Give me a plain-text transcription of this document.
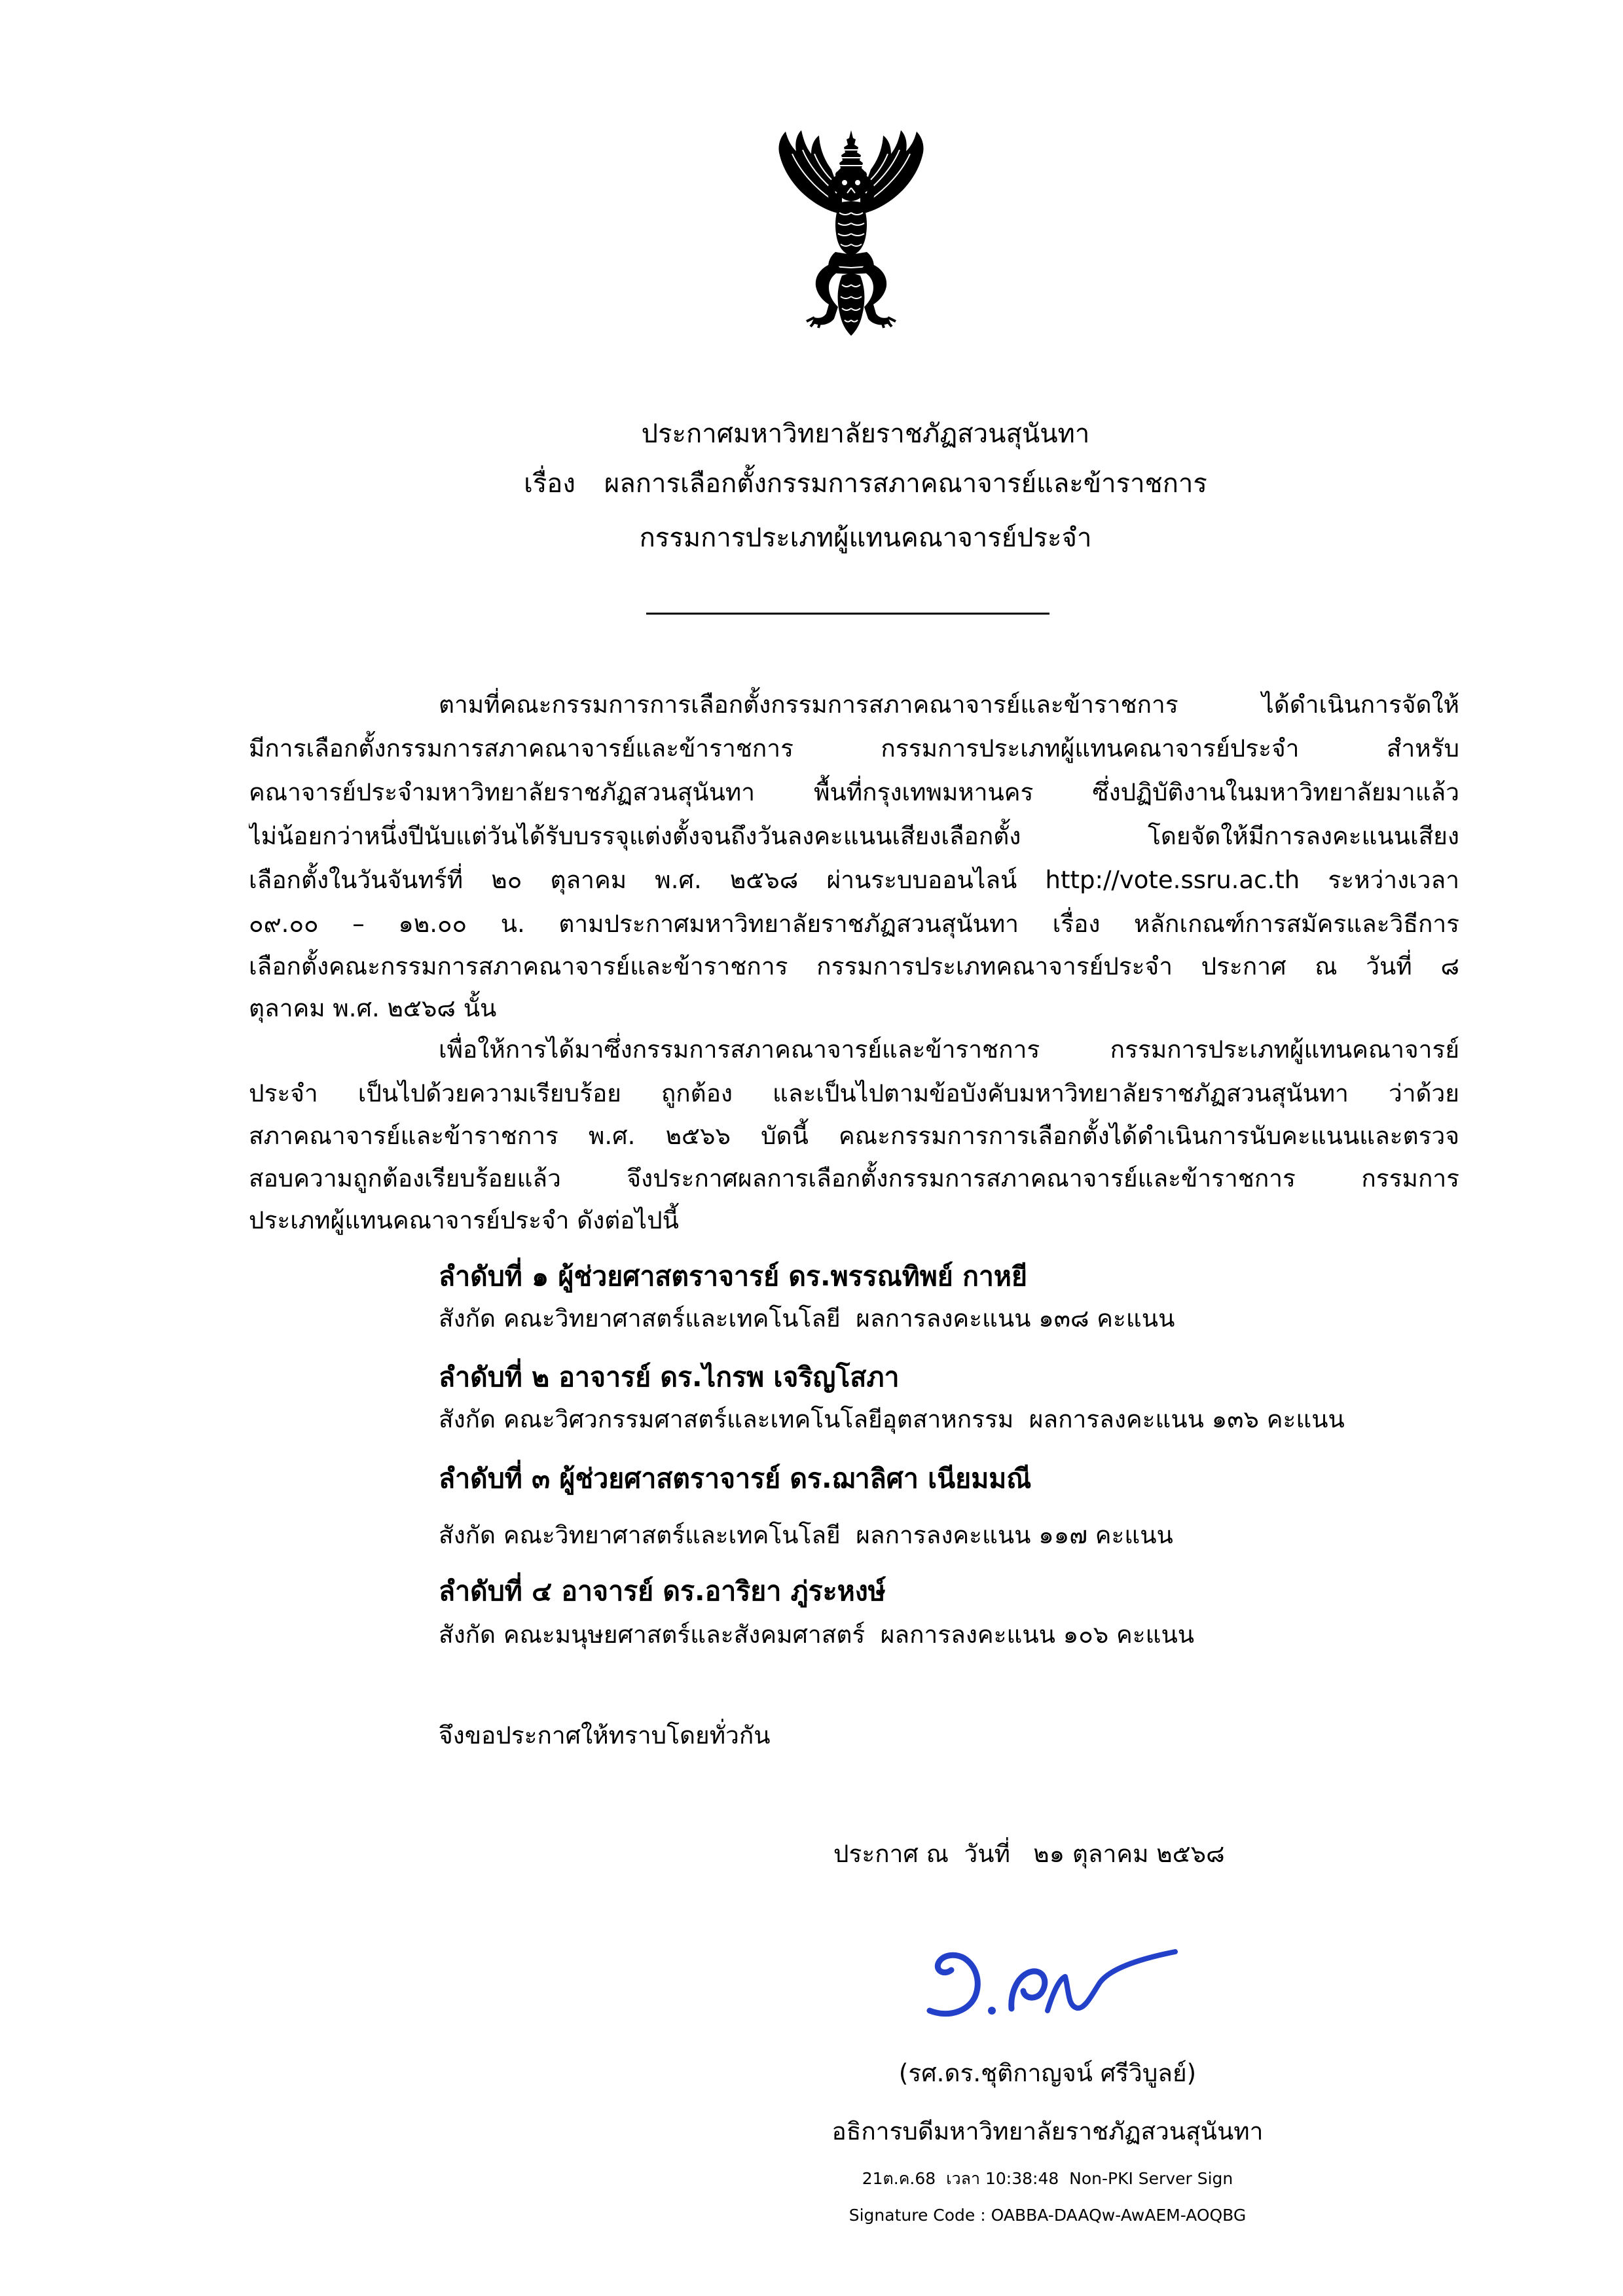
ประกาศมหาวิทยาลัยราชภัฏสวนสุนันทา
เรื่อง ผลการเลือกตั้งกรรมการสภาคณาจารย์และข้าราชการ
กรรมการประเภทผู้แทนคณาจารย์ประจำ
ตามที่คณะกรรมการการเลือกตั้งกรรมการสภาคณาจารย์และข้าราชการ ได้ดำเนินการจัดให้
มีการเลือกตั้งกรรมการสภาคณาจารย์และข้าราชการ กรรมการประเภทผู้แทนคณาจารย์ประจำ สำหรับ
คณาจารย์ประจำมหาวิทยาลัยราชภัฏสวนสุนันทา พื้นที่กรุงเทพมหานคร ซึ่งปฏิบัติงานในมหาวิทยาลัยมาแล้ว
ไม่น้อยกว่าหนึ่งปีนับแต่วันได้รับบรรจุแต่งตั้งจนถึงวันลงคะแนนเสียงเลือกตั้ง โดยจัดให้มีการลงคะแนนเสียง
เลือกตั้งในวันจันทร์ที่ ๒๐ ตุลาคม พ.ศ. ๒๕๖๘ ผ่านระบบออนไลน์ http://vote.ssru.ac.th ระหว่างเวลา
๐๙.๐๐ – ๑๒.๐๐ น. ตามประกาศมหาวิทยาลัยราชภัฏสวนสุนันทา เรื่อง หลักเกณฑ์การสมัครและวิธีการ
เลือกตั้งคณะกรรมการสภาคณาจารย์และข้าราชการ กรรมการประเภทคณาจารย์ประจำ ประกาศ ณ วันที่ ๘
ตุลาคม พ.ศ. ๒๕๖๘ นั้น
เพื่อให้การได้มาซึ่งกรรมการสภาคณาจารย์และข้าราชการ กรรมการประเภทผู้แทนคณาจารย์
ประจำ เป็นไปด้วยความเรียบร้อย ถูกต้อง และเป็นไปตามข้อบังคับมหาวิทยาลัยราชภัฏสวนสุนันทา ว่าด้วย
สภาคณาจารย์และข้าราชการ พ.ศ. ๒๕๖๖ บัดนี้ คณะกรรมการการเลือกตั้งได้ดำเนินการนับคะแนนและตรวจ
สอบความถูกต้องเรียบร้อยแล้ว จึงประกาศผลการเลือกตั้งกรรมการสภาคณาจารย์และข้าราชการ กรรมการ
ประเภทผู้แทนคณาจารย์ประจำ ดังต่อไปนี้
ลำดับที่ ๑ ผู้ช่วยศาสตราจารย์ ดร.พรรณทิพย์ กาหยี
สังกัด คณะวิทยาศาสตร์และเทคโนโลยี  ผลการลงคะแนน ๑๓๘ คะแนน
ลำดับที่ ๒ อาจารย์ ดร.ไกรพ เจริญโสภา
สังกัด คณะวิศวกรรมศาสตร์และเทคโนโลยีอุตสาหกรรม  ผลการลงคะแนน ๑๓๖ คะแนน
ลำดับที่ ๓ ผู้ช่วยศาสตราจารย์ ดร.ฌาลิศา เนียมมณี
สังกัด คณะวิทยาศาสตร์และเทคโนโลยี  ผลการลงคะแนน ๑๑๗ คะแนน
ลำดับที่ ๔ อาจารย์ ดร.อาริยา ภู่ระหงษ์
สังกัด คณะมนุษยศาสตร์และสังคมศาสตร์  ผลการลงคะแนน ๑๐๖ คะแนน
จึงขอประกาศให้ทราบโดยทั่วกัน
ประกาศ ณ  วันที่   ๒๑ ตุลาคม ๒๕๖๘
(รศ.ดร.ชุติกาญจน์ ศรีวิบูลย์)
อธิการบดีมหาวิทยาลัยราชภัฏสวนสุนันทา
21ต.ค.68  เวลา 10:38:48  Non-PKI Server Sign
Signature Code : OABBA-DAAQw-AwAEM-AOQBG
